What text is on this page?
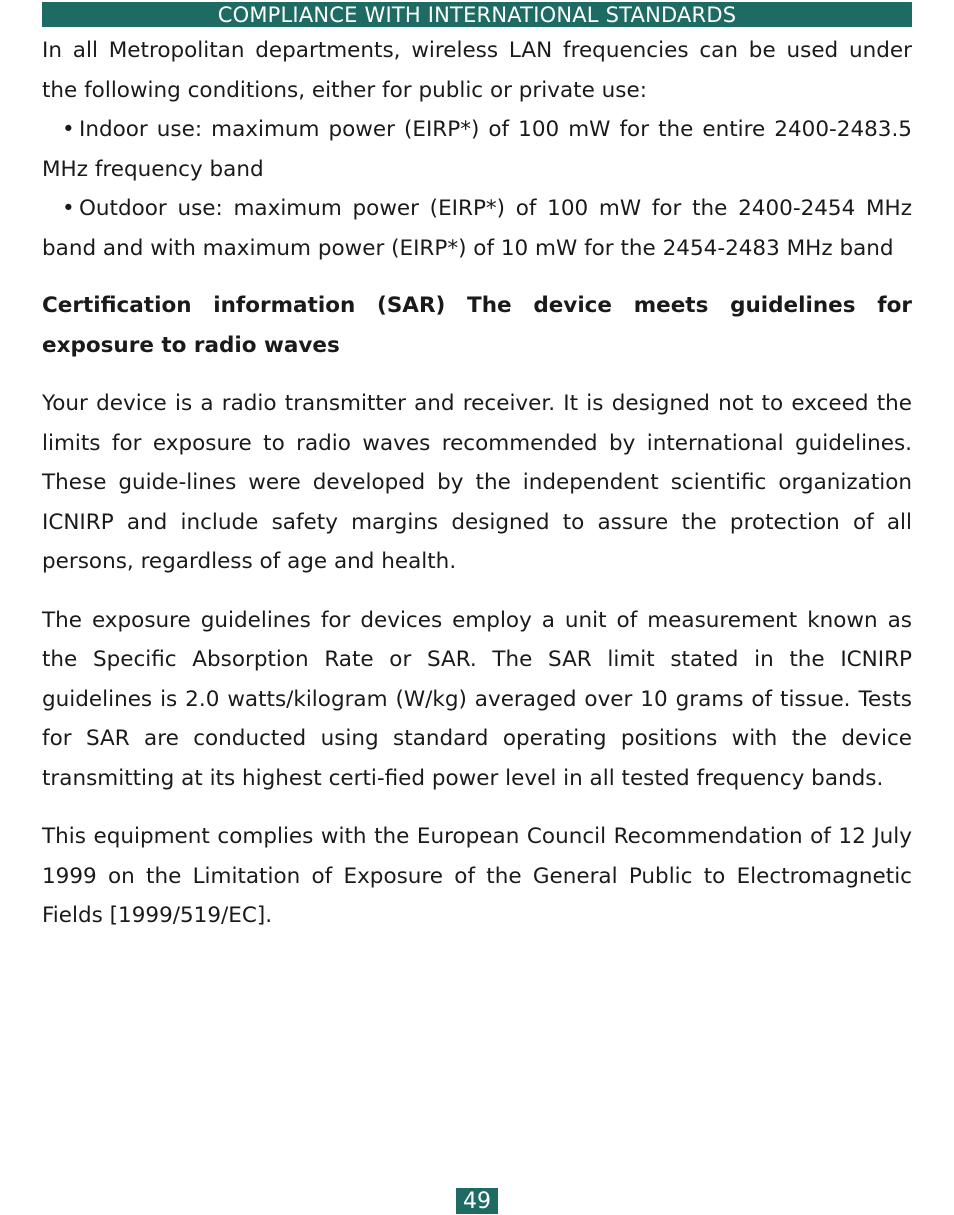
COMPLIANCE WITH INTERNATIONAL STANDARDS

In all Metropolitan departments, wireless LAN frequencies can be used under the following conditions, either for public or private use:

• Indoor use: maximum power (EIRP*) of 100 mW for the entire 2400-2483.5 MHz frequency band

• Outdoor use: maximum power (EIRP*) of 100 mW for the 2400-2454 MHz band and with maximum power (EIRP*) of 10 mW for the 2454-2483 MHz band

Certification information (SAR) The device meets guidelines for exposure to radio waves

Your device is a radio transmitter and receiver. It is designed not to exceed the limits for exposure to radio waves recommended by international guidelines. These guide-lines were developed by the independent scientific organization ICNIRP and include safety margins designed to assure the protection of all persons, regardless of age and health.

The exposure guidelines for devices employ a unit of measurement known as the Specific Absorption Rate or SAR. The SAR limit stated in the ICNIRP guidelines is 2.0 watts/kilogram (W/kg) averaged over 10 grams of tissue. Tests for SAR are conducted using standard operating positions with the device transmitting at its highest certi-fied power level in all tested frequency bands.

This equipment complies with the European Council Recommendation of 12 July 1999 on the Limitation of Exposure of the General Public to Electromagnetic Fields [1999/519/EC].

49
